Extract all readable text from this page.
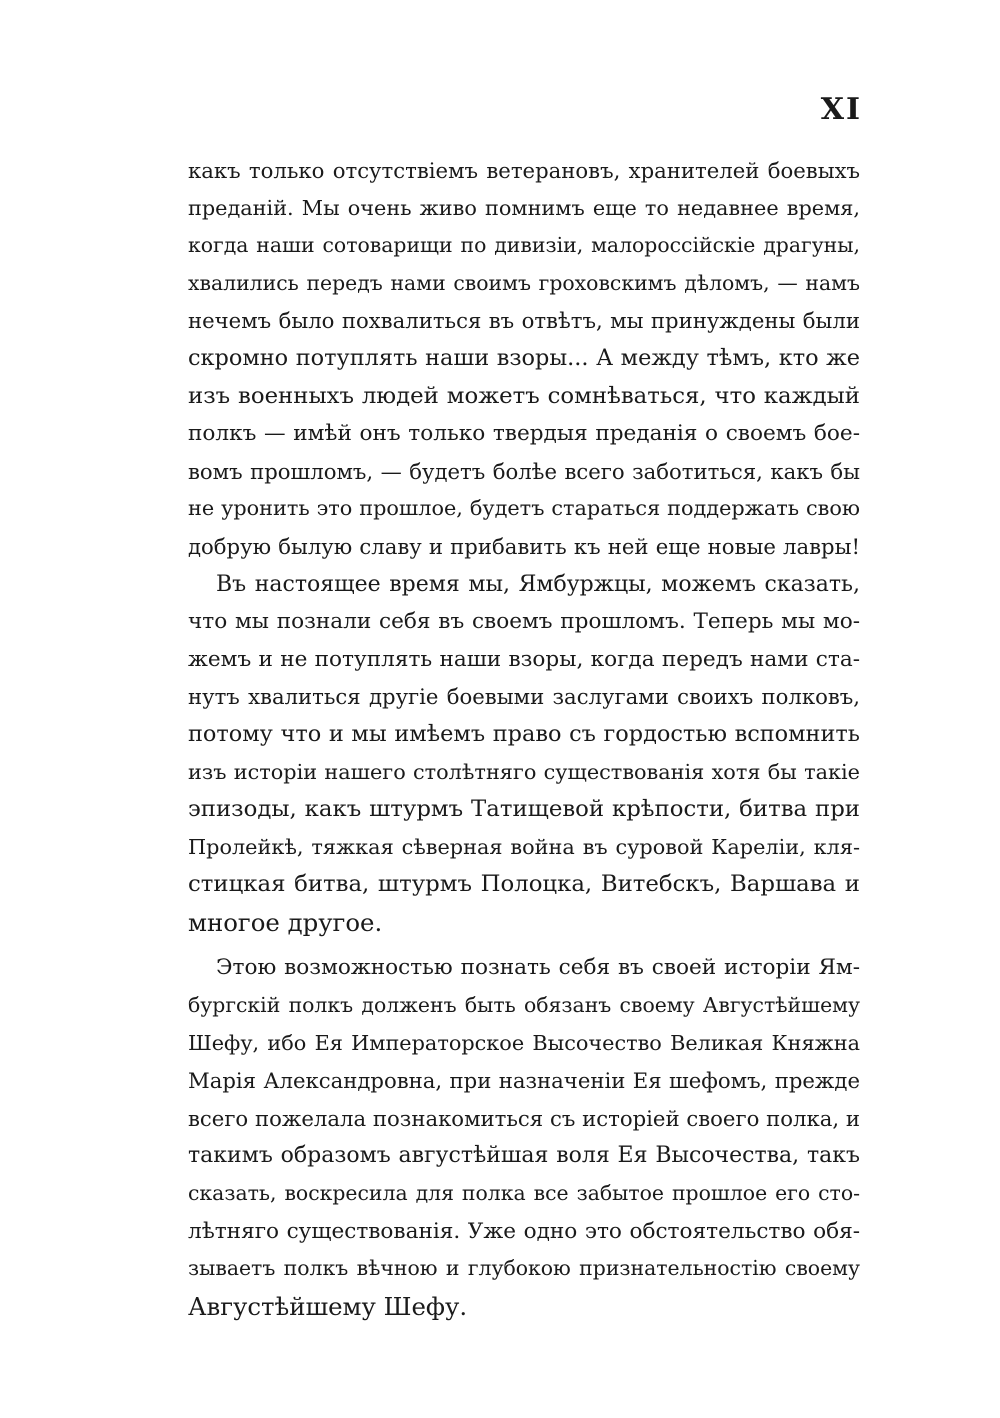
XI
какъ только отсутствіемъ ветерановъ, хранителей боевыхъ
преданій. Мы очень живо помнимъ еще то недавнее время,
когда наши сотоварищи по дивизіи, малороссійскіе драгуны,
хвалились передъ нами своимъ гроховскимъ дѣломъ, — намъ
нечемъ было похвалиться въ отвѣтъ, мы принуждены были
скромно потуплять наши взоры... А между тѣмъ, кто же
изъ военныхъ людей можетъ сомнѣваться, что каждый
полкъ — имѣй онъ только твердыя преданія о своемъ бое-
вомъ прошломъ, — будетъ болѣе всего заботиться, какъ бы
не уронить это прошлое, будетъ стараться поддержать свою
добрую былую славу и прибавить къ ней еще новые лавры!
Въ настоящее время мы, Ямбуржцы, можемъ сказать,
что мы познали себя въ своемъ прошломъ. Теперь мы мо-
жемъ и не потуплять наши взоры, когда передъ нами ста-
нутъ хвалиться другіе боевыми заслугами своихъ полковъ,
потому что и мы имѣемъ право съ гордостью вспомнить
изъ исторіи нашего столѣтняго существованія хотя бы такіе
эпизоды, какъ штурмъ Татищевой крѣпости, битва при
Пролейкѣ, тяжкая сѣверная война въ суровой Кареліи, кля-
стицкая битва, штурмъ Полоцка, Витебскъ, Варшава и
многое другое.
Этою возможностью познать себя въ своей исторіи Ям-
бургскій полкъ долженъ быть обязанъ своему Августѣйшему
Шефу, ибо Ея Императорское Высочество Великая Княжна
Марія Александровна, при назначеніи Ея шефомъ, прежде
всего пожелала познакомиться съ исторіей своего полка, и
такимъ образомъ августѣйшая воля Ея Высочества, такъ
сказать, воскресила для полка все забытое прошлое его сто-
лѣтняго существованія. Уже одно это обстоятельство обя-
зываетъ полкъ вѣчною и глубокою признательностію своему
Августѣйшему Шефу.
